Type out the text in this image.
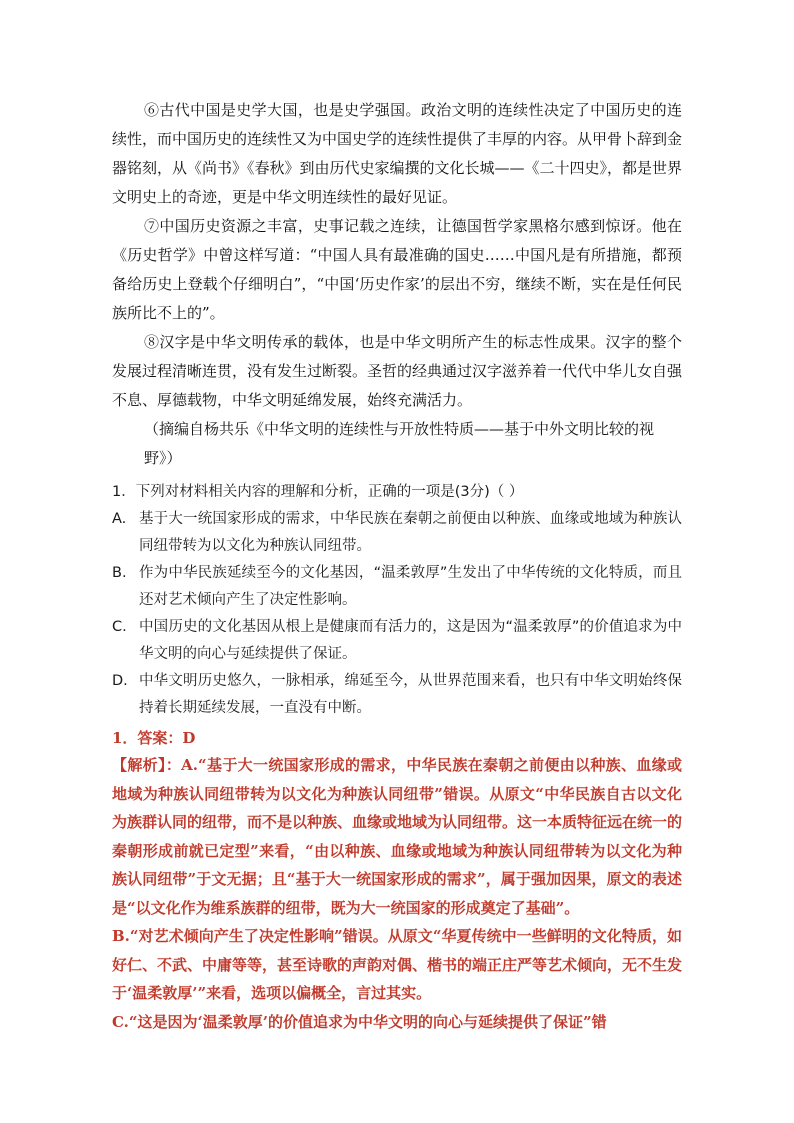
⑥古代中国是史学大国，也是史学强国。政治文明的连续性决定了中国历史的连续性，而中国历史的连续性又为中国史学的连续性提供了丰厚的内容。从甲骨卜辞到金器铭刻，从《尚书》《春秋》到由历代史家编撰的文化长城——《二十四史》，都是世界文明史上的奇迹，更是中华文明连续性的最好见证。

⑦中国历史资源之丰富，史事记载之连续，让德国哲学家黑格尔感到惊讶。他在《历史哲学》中曾这样写道：“中国人具有最准确的国史……中国凡是有所措施，都预备给历史上登载个仔细明白”，“中国‘历史作家’的层出不穷，继续不断，实在是任何民族所比不上的”。

⑧汉字是中华文明传承的载体，也是中华文明所产生的标志性成果。汉字的整个发展过程清晰连贯，没有发生过断裂。圣哲的经典通过汉字滋养着一代代中华儿女自强不息、厚德载物，中华文明延绵发展，始终充满活力。

（摘编自杨共乐《中华文明的连续性与开放性特质——基于中外文明比较的视

野》）

1．下列对材料相关内容的理解和分析，正确的一项是(3分)（ ）

A. 基于大一统国家形成的需求，中华民族在秦朝之前便由以种族、血缘或地域为种族认同纽带转为以文化为种族认同纽带。
B. 作为中华民族延续至今的文化基因，“温柔敦厚”生发出了中华传统的文化特质，而且还对艺术倾向产生了决定性影响。
C. 中国历史的文化基因从根上是健康而有活力的，这是因为“温柔敦厚”的价值追求为中华文明的向心与延续提供了保证。
D. 中华文明历史悠久，一脉相承，绵延至今，从世界范围来看，也只有中华文明始终保持着长期延续发展，一直没有中断。

1．答案：D

【解析】：A.“基于大一统国家形成的需求，中华民族在秦朝之前便由以种族、血缘或地域为种族认同纽带转为以文化为种族认同纽带”错误。从原文“中华民族自古以文化为族群认同的纽带，而不是以种族、血缘或地域为认同纽带。这一本质特征远在统一的秦朝形成前就已定型”来看，“由以种族、血缘或地域为种族认同纽带转为以文化为种族认同纽带”于文无据；且“基于大一统国家形成的需求”，属于强加因果，原文的表述是“以文化作为维系族群的纽带，既为大一统国家的形成奠定了基础”。

B.“对艺术倾向产生了决定性影响”错误。从原文“华夏传统中一些鲜明的文化特质，如好仁、不武、中庸等等，甚至诗歌的声韵对偶、楷书的端正庄严等艺术倾向，无不生发于‘温柔敦厚’”来看，选项以偏概全，言过其实。

C.“这是因为‘温柔敦厚’的价值追求为中华文明的向心与延续提供了保证”错
